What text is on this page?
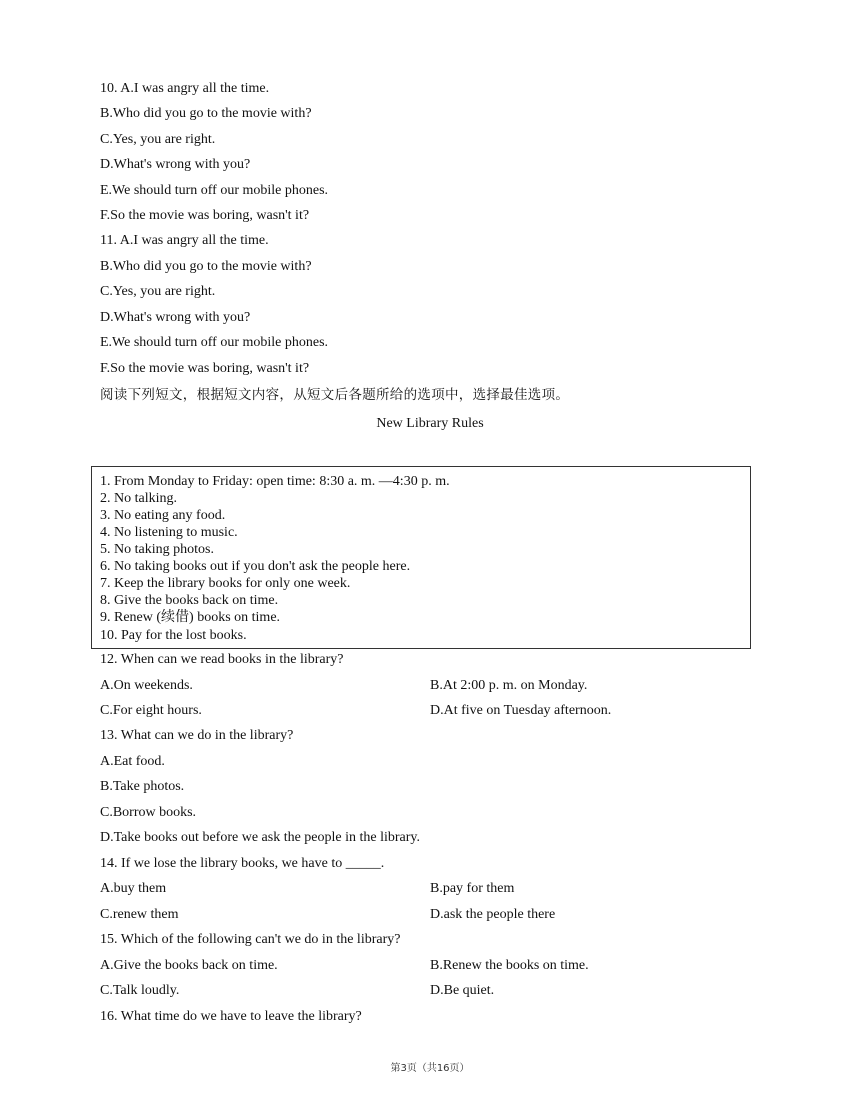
10. A.I was angry all the time.
B.Who did you go to the movie with?
C.Yes, you are right.
D.What's wrong with you?
E.We should turn off our mobile phones.
F.So the movie was boring, wasn't it?
11. A.I was angry all the time.
B.Who did you go to the movie with?
C.Yes, you are right.
D.What's wrong with you?
E.We should turn off our mobile phones.
F.So the movie was boring, wasn't it?
阅读下列短文，根据短文内容，从短文后各题所给的选项中，选择最佳选项。
New Library Rules
1. From Monday to Friday: open time: 8:30 a. m. —4:30 p. m.
2. No talking.
3. No eating any food.
4. No listening to music.
5. No taking photos.
6. No taking books out if you don't ask the people here.
7. Keep the library books for only one week.
8. Give the books back on time.
9. Renew (续借) books on time.
10. Pay for the lost books.
12. When can we read books in the library?
A.On weekends.	B.At 2:00 p. m. on Monday.
C.For eight hours.	D.At five on Tuesday afternoon.
13. What can we do in the library?
A.Eat food.
B.Take photos.
C.Borrow books.
D.Take books out before we ask the people in the library.
14. If we lose the library books, we have to _____.
A.buy them	B.pay for them
C.renew them	D.ask the people there
15. Which of the following can't we do in the library?
A.Give the books back on time.	B.Renew the books on time.
C.Talk loudly.	D.Be quiet.
16. What time do we have to leave the library?
第3页（共16页）
